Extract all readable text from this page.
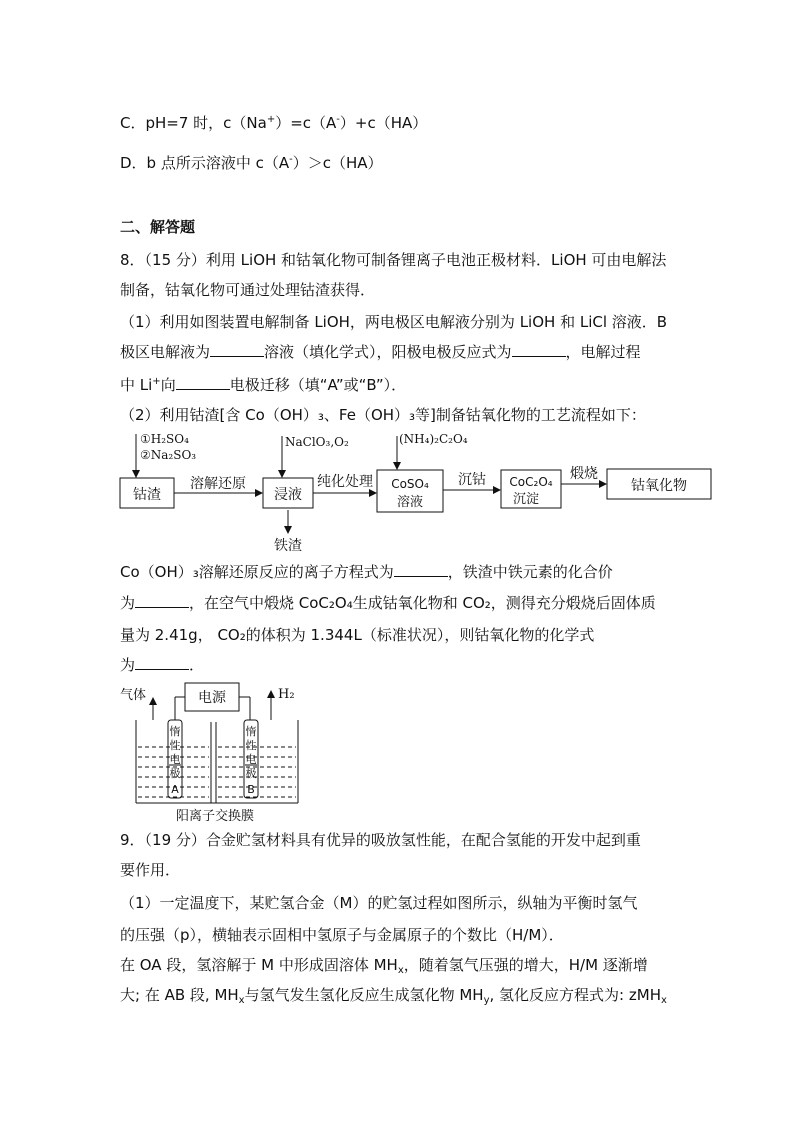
C．pH=7 时，c（Na+）=c（A-）+c（HA）
D．b 点所示溶液中 c（A-）＞c（HA）
二、解答题
8．（15 分）利用 LiOH 和钴氧化物可制备锂离子电池正极材料．LiOH 可由电解法
制备，钴氧化物可通过处理钴渣获得．
（1）利用如图装置电解制备 LiOH，两电极区电解液分别为 LiOH 和 LiCl 溶液．B
极区电解液为	溶液（填化学式），阳极电极反应式为	，电解过程
中 Li+向	电极迁移（填“A”或“B”）．
（2）利用钴渣[含 Co（OH）₃、Fe（OH）₃等]制备钴氧化物的工艺流程如下：
①H₂SO₄
②Na₂SO₃
NaClO₃,O₂	(NH₄)₂C₂O₄
钴渣
溶解还原
浸液
纯化处理 CoSO₄
溶液
沉钴 CoC₂O₄
沉淀
煅烧
钴氧化物
铁渣
Co（OH）₃溶解还原反应的离子方程式为	，铁渣中铁元素的化合价
为	，在空气中煅烧 CoC₂O₄生成钴氧化物和 CO₂，测得充分煅烧后固体质
量为 2.41g， CO₂的体积为 1.344L（标准状况），则钴氧化物的化学式
为	．
气体	电源	H₂
惰
性
电
极
A
惰
性
电
极
B
阳离子交换膜
9．（19 分）合金贮氢材料具有优异的吸放氢性能，在配合氢能的开发中起到重
要作用．
（1）一定温度下，某贮氢合金（M）的贮氢过程如图所示，纵轴为平衡时氢气
的压强（p），横轴表示固相中氢原子与金属原子的个数比（H/M）．
在 OA 段，氢溶解于 M 中形成固溶体 $MH_x$，随着氢气压强的增大，H/M 逐渐增
大; 在 AB 段, $MH_x$与氢气发生氢化反应生成氢化物 $MH_y$, 氢化反应方程式为: zMH$_x$
